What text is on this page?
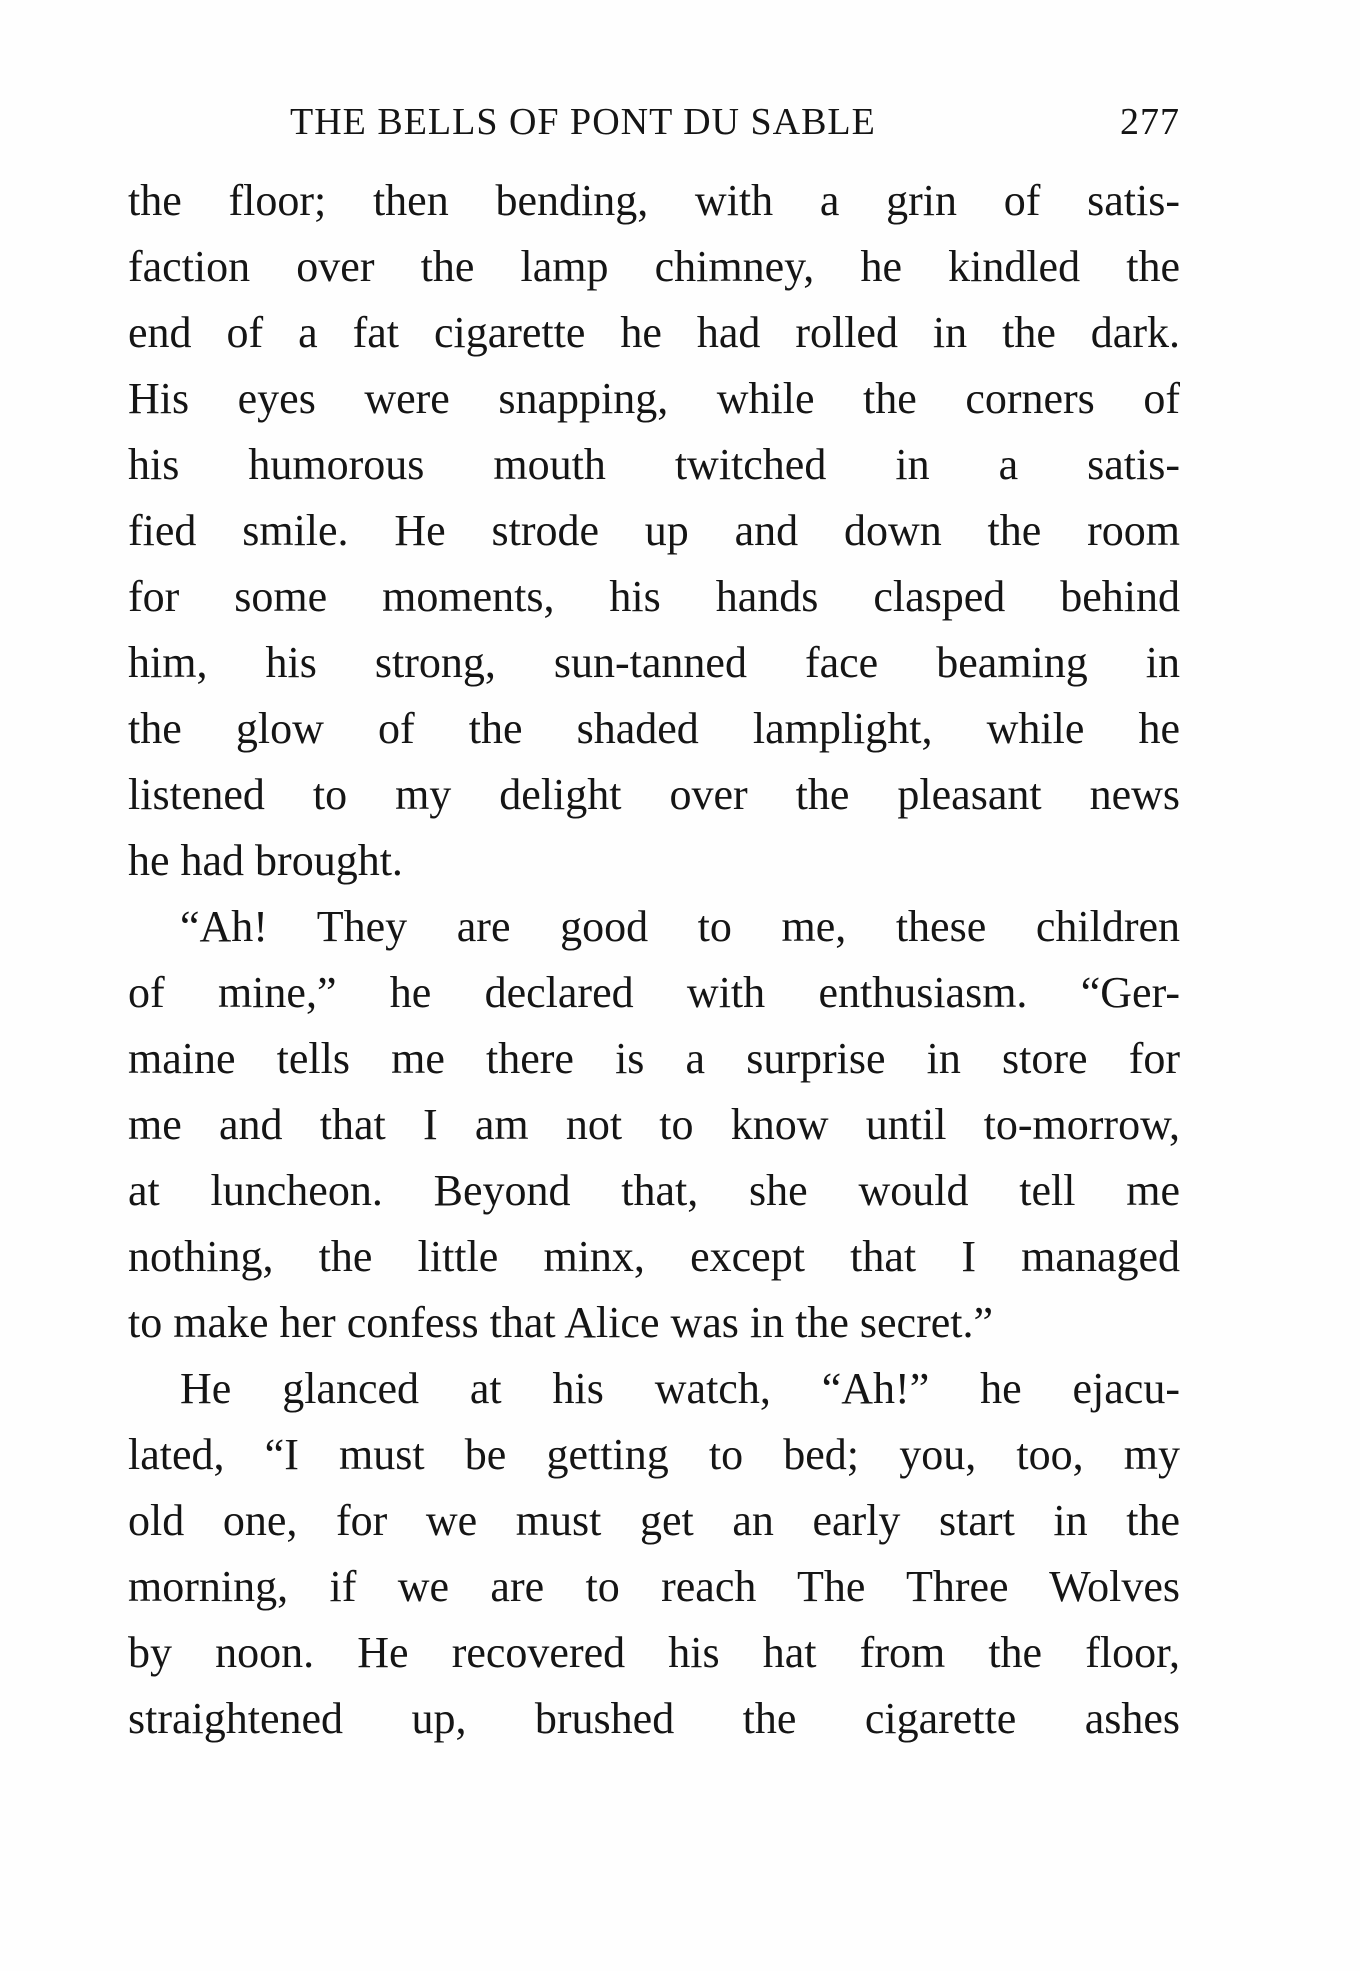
THE BELLS OF PONT DU SABLE	277
the floor; then bending, with a grin of satis-
faction over the lamp chimney, he kindled the
end of a fat cigarette he had rolled in the dark.
His eyes were snapping, while the corners of
his humorous mouth twitched in a satis-
fied smile. He strode up and down the room
for some moments, his hands clasped behind
him, his strong, sun-tanned face beaming in
the glow of the shaded lamplight, while he
listened to my delight over the pleasant news
he had brought.
“Ah! They are good to me, these children
of mine,” he declared with enthusiasm. “Ger-
maine tells me there is a surprise in store for
me and that I am not to know until to-morrow,
at luncheon. Beyond that, she would tell me
nothing, the little minx, except that I managed
to make her confess that Alice was in the secret.”
He glanced at his watch, “Ah!” he ejacu-
lated, “I must be getting to bed; you, too, my
old one, for we must get an early start in the
morning, if we are to reach The Three Wolves
by noon. He recovered his hat from the floor,
straightened up, brushed the cigarette ashes
